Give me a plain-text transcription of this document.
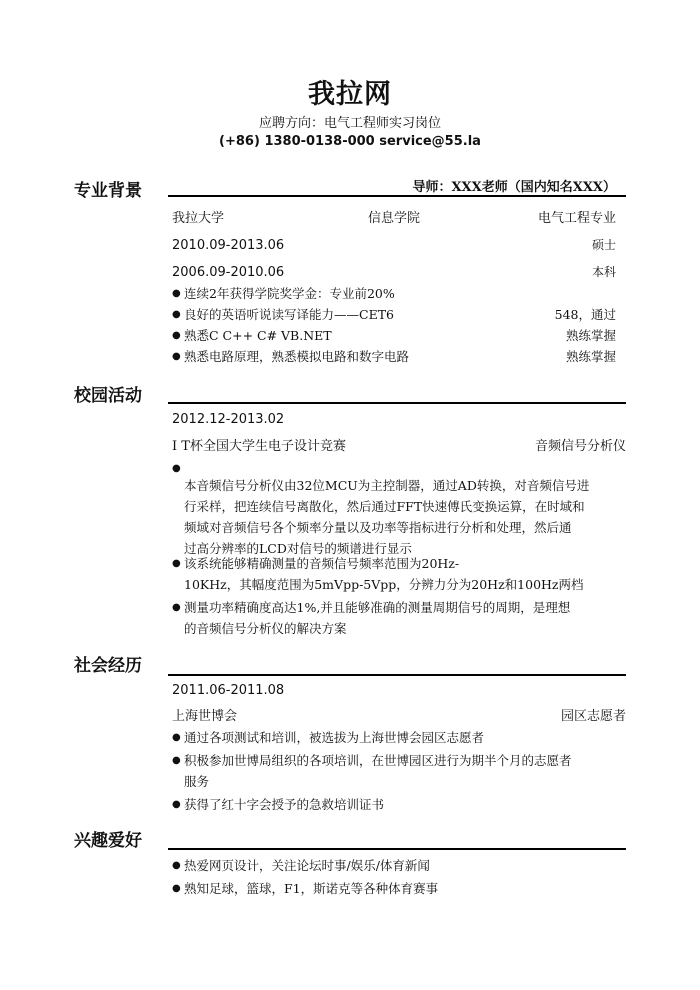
我拉网
应聘方向：电气工程师实习岗位
(+86) 1380-0138-000 service@55.la
专业背景	导师：XXX老师（国内知名XXX）
我拉大学	信息学院	电气工程专业
2010.09-2013.06	硕士
2006.09-2010.06	本科
● 连续2年获得学院奖学金：专业前20%
● 良好的英语听说读写译能力——CET6	548，通过
● 熟悉C C++ C# VB.NET	熟练掌握
● 熟悉电路原理，熟悉模拟电路和数字电路	熟练掌握
校园活动
2012.12-2013.02
I T杯全国大学生电子设计竞赛	音频信号分析仪
●
本音频信号分析仪由32位MCU为主控制器，通过AD转换，对音频信号进
行采样，把连续信号离散化，然后通过FFT快速傅氏变换运算，在时域和
频域对音频信号各个频率分量以及功率等指标进行分析和处理，然后通
过高分辨率的LCD对信号的频谱进行显示
● 该系统能够精确测量的音频信号频率范围为20Hz-
10KHz，其幅度范围为5mVpp-5Vpp，分辨力分为20Hz和100Hz两档
● 测量功率精确度高达1%,并且能够准确的测量周期信号的周期，是理想
的音频信号分析仪的解决方案
社会经历
2011.06-2011.08
上海世博会	园区志愿者
● 通过各项测试和培训，被选拔为上海世博会园区志愿者
● 积极参加世博局组织的各项培训，在世博园区进行为期半个月的志愿者
服务
● 获得了红十字会授予的急救培训证书
兴趣爱好
● 热爱网页设计，关注论坛时事/娱乐/体育新闻
● 熟知足球，篮球，F1，斯诺克等各种体育赛事
